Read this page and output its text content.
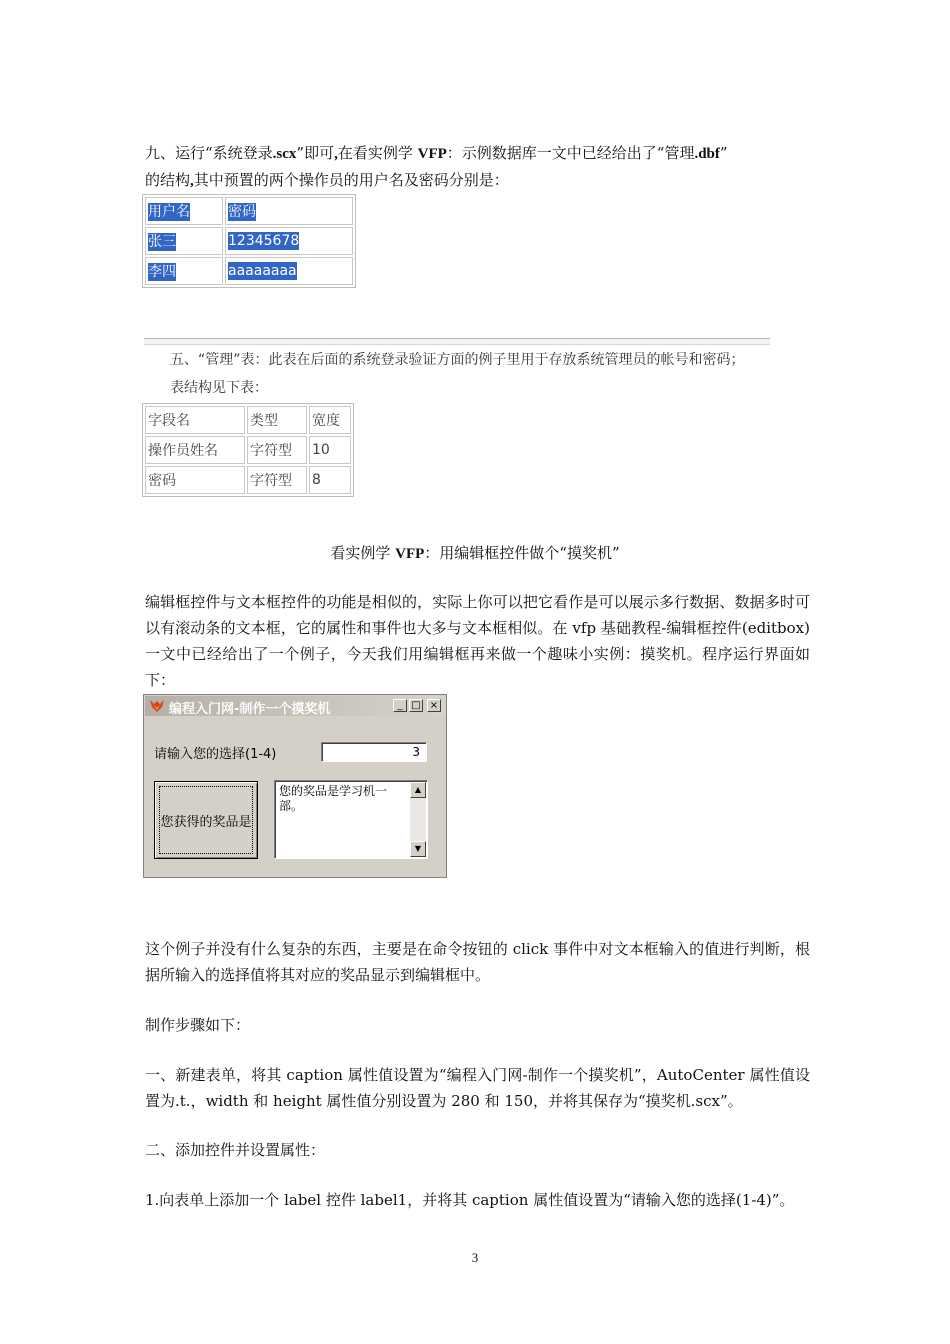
九、运行“系统登录.scx”即可,在看实例学 VFP：示例数据库一文中已经给出了“管理.dbf”
的结构,其中预置的两个操作员的用户名及密码分别是：

用户名	密码
张三	12345678
李四	aaaaaaaa
五、“管理”表：此表在后面的系统登录验证方面的例子里用于存放系统管理员的帐号和密码；
表结构见下表：
字段名	类型	宽度
操作员姓名	字符型	10
密码	字符型	8
看实例学 VFP：用编辑框控件做个“摸奖机”

编辑框控件与文本框控件的功能是相似的，实际上你可以把它看作是可以展示多行数据、数据多时可以有滚动条的文本框，它的属性和事件也大多与文本框相似。在 vfp 基础教程-编辑框控件(editbox)一文中已经给出了一个例子，今天我们用编辑框再来做一个趣味小实例：摸奖机。程序运行界面如下：

编程入门网-制作一个摸奖机	_ □ ×
请输入您的选择(1-4)	3
您获得的奖品是
您的奖品是学习机一部。
▲
▼

这个例子并没有什么复杂的东西，主要是在命令按钮的 click 事件中对文本框输入的值进行判断，根据所输入的选择值将其对应的奖品显示到编辑框中。

制作步骤如下：

一、新建表单，将其 caption 属性值设置为“编程入门网-制作一个摸奖机”，AutoCenter 属性值设置为.t.，width 和 height 属性值分别设置为 280 和 150，并将其保存为“摸奖机.scx”。

二、添加控件并设置属性：

1.向表单上添加一个 label 控件 label1，并将其 caption 属性值设置为“请输入您的选择(1-4)”。

3
